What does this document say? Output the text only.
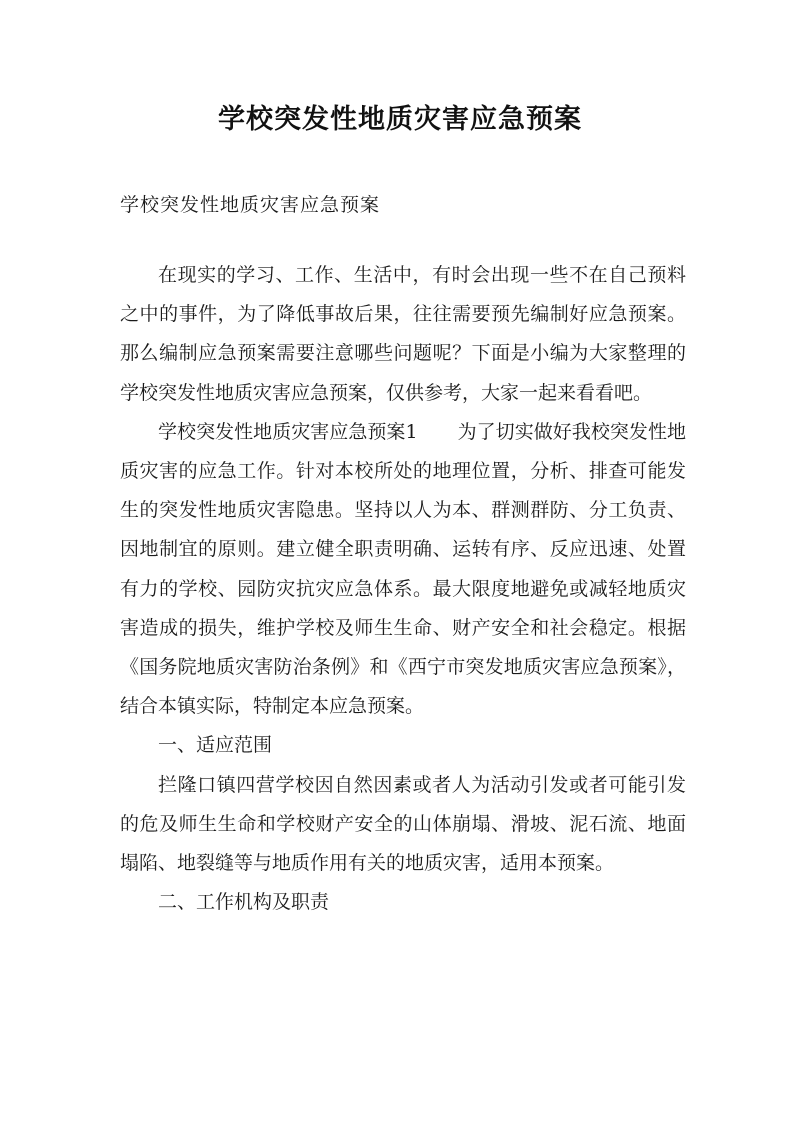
学校突发性地质灾害应急预案
学校突发性地质灾害应急预案

在现实的学习、工作、生活中，有时会出现一些不在自己预料之中的事件，为了降低事故后果，往往需要预先编制好应急预案。那么编制应急预案需要注意哪些问题呢？下面是小编为大家整理的学校突发性地质灾害应急预案，仅供参考，大家一起来看看吧。

学校突发性地质灾害应急预案1 为了切实做好我校突发性地质灾害的应急工作。针对本校所处的地理位置，分析、排查可能发生的突发性地质灾害隐患。坚持以人为本、群测群防、分工负责、因地制宜的原则。建立健全职责明确、运转有序、反应迅速、处置有力的学校、园防灾抗灾应急体系。最大限度地避免或减轻地质灾害造成的损失，维护学校及师生生命、财产安全和社会稳定。根据《国务院地质灾害防治条例》和《西宁市突发地质灾害应急预案》，结合本镇实际，特制定本应急预案。

一、适应范围

拦隆口镇四营学校因自然因素或者人为活动引发或者可能引发的危及师生生命和学校财产安全的山体崩塌、滑坡、泥石流、地面塌陷、地裂缝等与地质作用有关的地质灾害，适用本预案。

二、工作机构及职责
